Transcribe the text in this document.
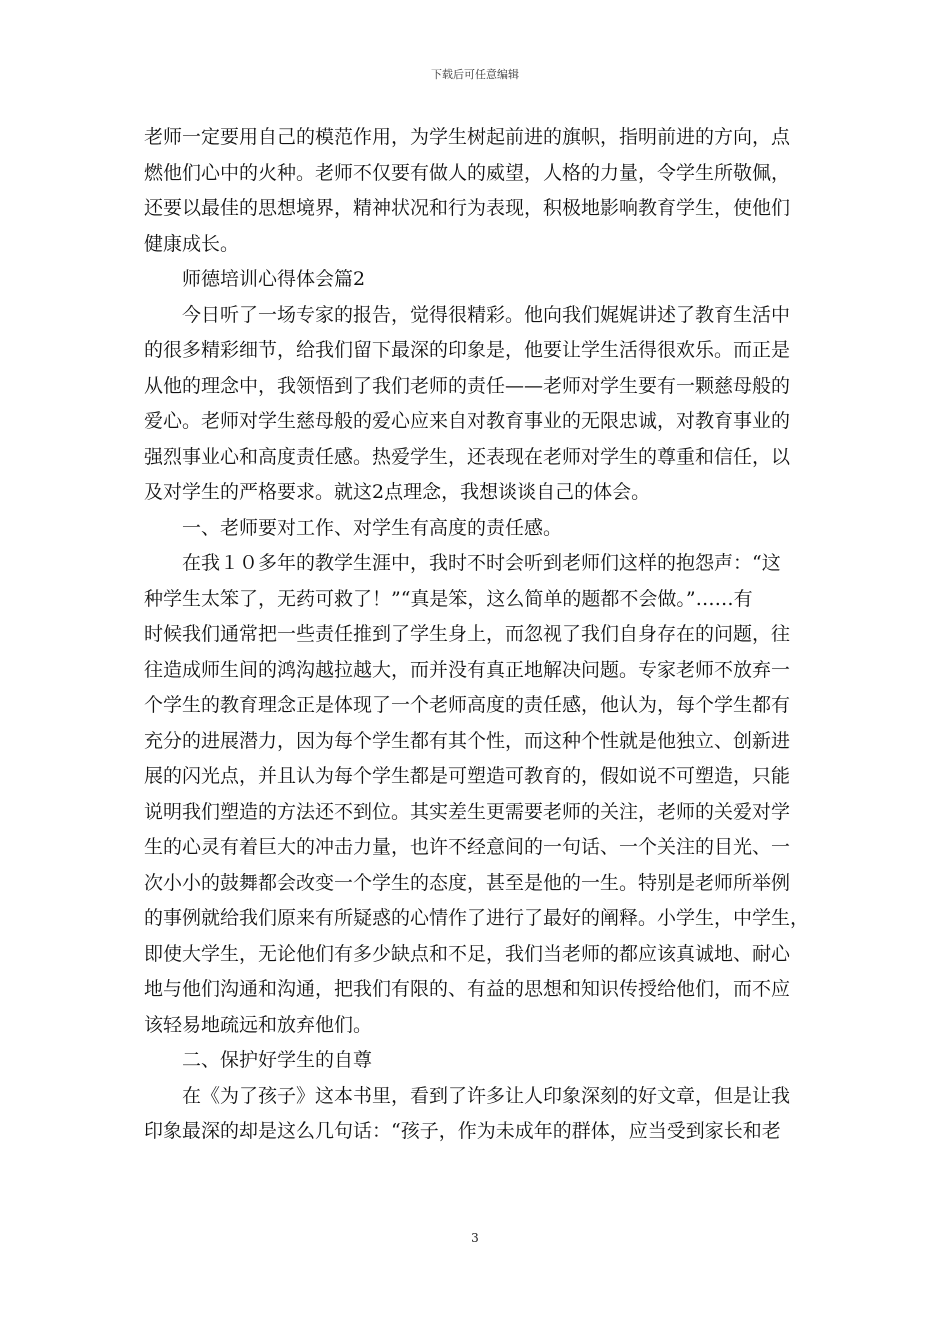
下载后可任意编辑
老师一定要用自己的模范作用，为学生树起前进的旗帜，指明前进的方向，点
燃他们心中的火种。老师不仅要有做人的威望，人格的力量，令学生所敬佩，
还要以最佳的思想境界，精神状况和行为表现，积极地影响教育学生，使他们
健康成长。
　　师德培训心得体会篇2
　　今日听了一场专家的报告，觉得很精彩。他向我们娓娓讲述了教育生活中
的很多精彩细节，给我们留下最深的印象是，他要让学生活得很欢乐。而正是
从他的理念中，我领悟到了我们老师的责任——老师对学生要有一颗慈母般的
爱心。老师对学生慈母般的爱心应来自对教育事业的无限忠诚，对教育事业的
强烈事业心和高度责任感。热爱学生，还表现在老师对学生的尊重和信任，以
及对学生的严格要求。就这2点理念，我想谈谈自己的体会。
　　一、老师要对工作、对学生有高度的责任感。
　　在我１０多年的教学生涯中，我时不时会听到老师们这样的抱怨声：“这
种学生太笨了，无药可救了！”“真是笨，这么简单的题都不会做。”……有
时候我们通常把一些责任推到了学生身上，而忽视了我们自身存在的问题，往
往造成师生间的鸿沟越拉越大，而并没有真正地解决问题。专家老师不放弃一
个学生的教育理念正是体现了一个老师高度的责任感，他认为，每个学生都有
充分的进展潜力，因为每个学生都有其个性，而这种个性就是他独立、创新进
展的闪光点，并且认为每个学生都是可塑造可教育的，假如说不可塑造，只能
说明我们塑造的方法还不到位。其实差生更需要老师的关注，老师的关爱对学
生的心灵有着巨大的冲击力量，也许不经意间的一句话、一个关注的目光、一
次小小的鼓舞都会改变一个学生的态度，甚至是他的一生。特别是老师所举例
的事例就给我们原来有所疑惑的心情作了进行了最好的阐释。小学生，中学生，
即使大学生，无论他们有多少缺点和不足，我们当老师的都应该真诚地、耐心
地与他们沟通和沟通，把我们有限的、有益的思想和知识传授给他们，而不应
该轻易地疏远和放弃他们。
　　二、保护好学生的自尊
　　在《为了孩子》这本书里，看到了许多让人印象深刻的好文章，但是让我
印象最深的却是这么几句话：“孩子，作为未成年的群体，应当受到家长和老
3
